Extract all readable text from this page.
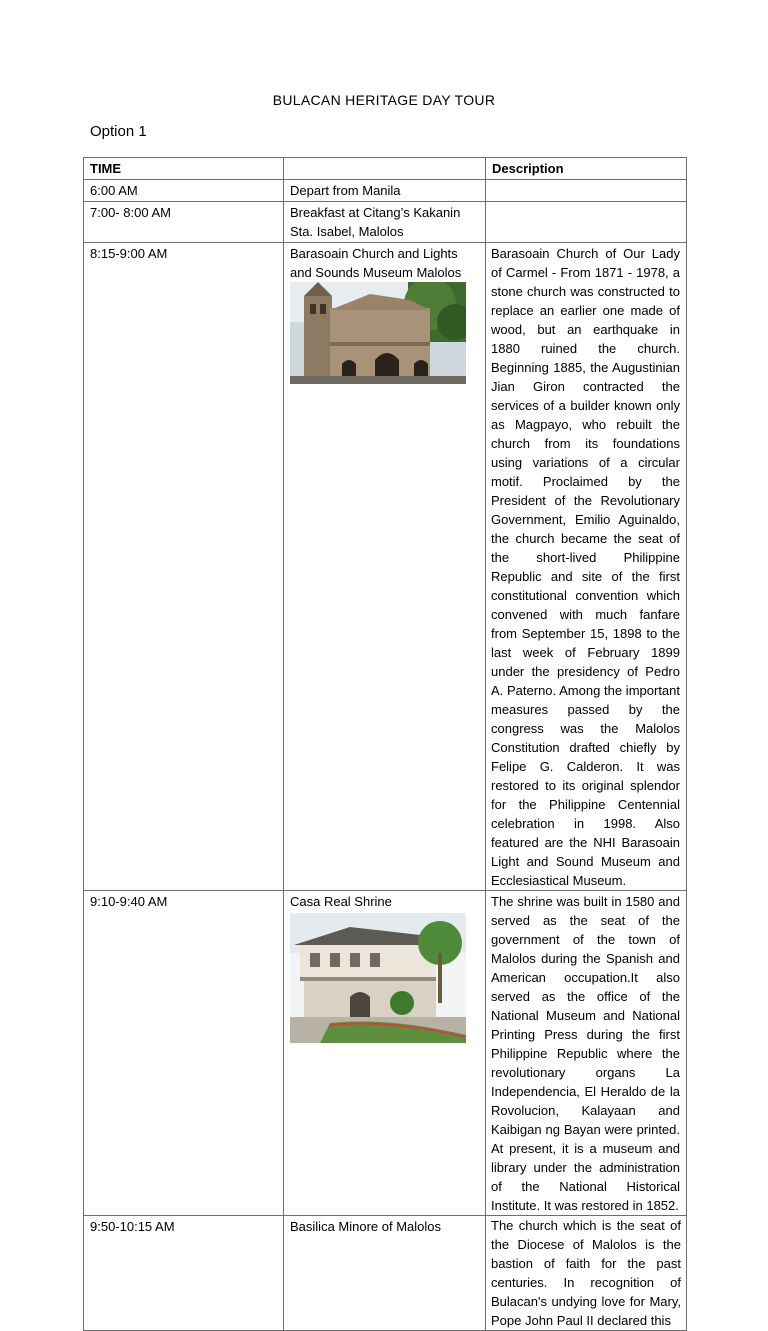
BULACAN HERITAGE DAY TOUR
Option 1
TIME		Description
6:00 AM	Depart from Manila	
7:00- 8:00 AM	Breakfast at Citang’s Kakanin Sta. Isabel, Malolos	
8:15-9:00 AM	Barasoain Church and Lights and Sounds Museum Malolos	Barasoain Church of Our Lady of Carmel - From 1871 - 1978, a stone church was constructed to replace an earlier one made of wood, but an earthquake in 1880 ruined the church. Beginning 1885, the Augustinian Jian Giron contracted the services of a builder known only as Magpayo, who rebuilt the church from its foundations using variations of a circular motif. Proclaimed by the President of the Revolutionary Government, Emilio Aguinaldo, the church became the seat of the short-lived Philippine Republic and site of the first constitutional convention which convened with much fanfare from September 15, 1898 to the last week of February 1899 under the presidency of Pedro A. Paterno. Among the important measures passed by the congress was the Malolos Constitution drafted chiefly by Felipe G. Calderon. It was restored to its original splendor for the Philippine Centennial celebration in 1998. Also featured are the NHI Barasoain Light and Sound Museum and Ecclesiastical Museum.
9:10-9:40 AM	Casa Real Shrine	The shrine was built in 1580 and served as the seat of the government of the town of Malolos during the Spanish and American occupation.It also served as the office of the National Museum and National Printing Press during the first Philippine Republic where the revolutionary organs La Independencia, El Heraldo de la Rovolucion, Kalayaan and Kaibigan ng Bayan were printed. At present, it is a museum and library under the administration of the National Historical Institute. It was restored in 1852.
9:50-10:15 AM	Basilica Minore of Malolos	The church which is the seat of the Diocese of Malolos is the bastion of faith for the past centuries. In recognition of Bulacan's undying love for Mary, Pope John Paul II declared this
